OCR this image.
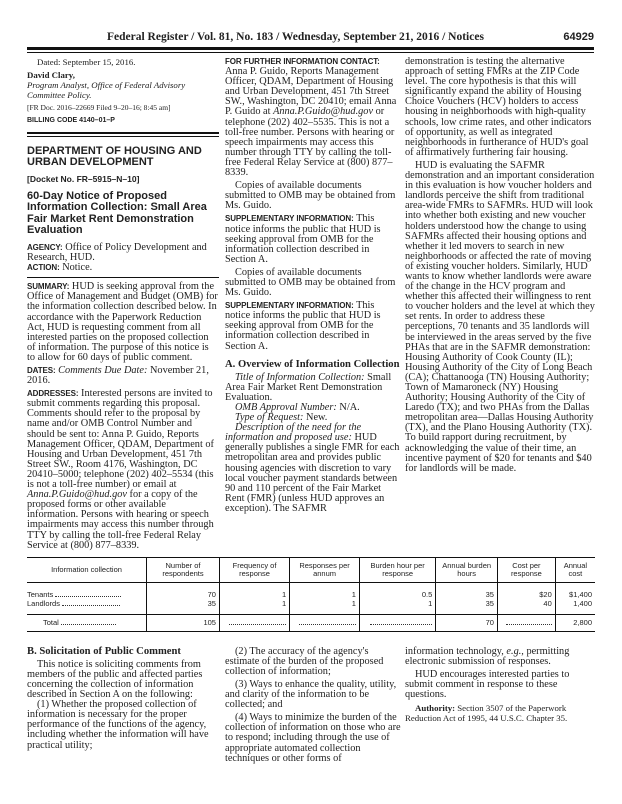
Federal Register / Vol. 81, No. 183 / Wednesday, September 21, 2016 / Notices	64929

Dated: September 15, 2016.

David Clary,

Program Analyst, Office of Federal Advisory Committee Policy.

[FR Doc. 2016–22669 Filed 9–20–16; 8:45 am]

BILLING CODE 4140–01–P

DEPARTMENT OF HOUSING AND URBAN DEVELOPMENT
[Docket No. FR–5915–N–10]
60-Day Notice of Proposed Information Collection: Small Area Fair Market Rent Demonstration Evaluation

AGENCY: Office of Policy Development and Research, HUD.

ACTION: Notice.

SUMMARY: HUD is seeking approval from the Office of Management and Budget (OMB) for the information collection described below. In accordance with the Paperwork Reduction Act, HUD is requesting comment from all interested parties on the proposed collection of information. The purpose of this notice is to allow for 60 days of public comment.

DATES: Comments Due Date: November 21, 2016.

ADDRESSES: Interested persons are invited to submit comments regarding this proposal. Comments should refer to the proposal by name and/or OMB Control Number and should be sent to: Anna P. Guido, Reports Management Officer, QDAM, Department of Housing and Urban Development, 451 7th Street SW., Room 4176, Washington, DC 20410–5000; telephone (202) 402–5534 (this is not a toll-free number) or email at Anna.P.Guido@hud.gov for a copy of the proposed forms or other available information. Persons with hearing or speech impairments may access this number through TTY by calling the toll-free Federal Relay Service at (800) 877–8339.

FOR FURTHER INFORMATION CONTACT:
Anna P. Guido, Reports Management Officer, QDAM, Department of Housing and Urban Development, 451 7th Street SW., Washington, DC 20410; email Anna P. Guido at Anna.P.Guido@hud.gov or telephone (202) 402–5535. This is not a toll-free number. Persons with hearing or speech impairments may access this number through TTY by calling the toll-free Federal Relay Service at (800) 877–8339.

Copies of available documents submitted to OMB may be obtained from Ms. Guido.

SUPPLEMENTARY INFORMATION: This notice informs the public that HUD is seeking approval from OMB for the information collection described in Section A.

Copies of available documents submitted to OMB may be obtained from Ms. Guido.

SUPPLEMENTARY INFORMATION: This notice informs the public that HUD is seeking approval from OMB for the information collection described in Section A.

A. Overview of Information Collection

Title of Information Collection: Small Area Fair Market Rent Demonstration Evaluation.

OMB Approval Number: N/A.

Type of Request: New.

Description of the need for the information and proposed use: HUD generally publishes a single FMR for each metropolitan area and provides public housing agencies with discretion to vary local voucher payment standards between 90 and 110 percent of the Fair Market Rent (FMR) (unless HUD approves an exception). The SAFMR

demonstration is testing the alternative approach of setting FMRs at the ZIP Code level. The core hypothesis is that this will significantly expand the ability of Housing Choice Vouchers (HCV) holders to access housing in neighborhoods with high-quality schools, low crime rates, and other indicators of opportunity, as well as integrated neighborhoods in furtherance of HUD's goal of affirmatively furthering fair housing.

HUD is evaluating the SAFMR demonstration and an important consideration in this evaluation is how voucher holders and landlords perceive the shift from traditional area-wide FMRs to SAFMRs. HUD will look into whether both existing and new voucher holders understood how the change to using SAFMRs affected their housing options and whether it led movers to search in new neighborhoods or affected the rate of moving of existing voucher holders. Similarly, HUD wants to know whether landlords were aware of the change in the HCV program and whether this affected their willingness to rent to voucher holders and the level at which they set rents. In order to address these perceptions, 70 tenants and 35 landlords will be interviewed in the areas served by the five PHAs that are in the SAFMR demonstration: Housing Authority of Cook County (IL); Housing Authority of the City of Long Beach (CA); Chattanooga (TN) Housing Authority; Town of Mamaroneck (NY) Housing Authority; Housing Authority of the City of Laredo (TX); and two PHAs from the Dallas metropolitan area—Dallas Housing Authority (TX), and the Plano Housing Authority (TX). To build rapport during recruitment, by acknowledging the value of their time, an incentive payment of $20 for tenants and $40 for landlords will be made.

Information collection	Number of respondents	Frequency of response	Responses per annum	Burden hour per response	Annual burden hours	Cost per response	Annual cost
Tenants	70	1	1	0.5	35	$20	$1,400
Landlords	35	1	1	1	35	40	1,400
Total	105				70		2,800
B. Solicitation of Public Comment

This notice is soliciting comments from members of the public and affected parties concerning the collection of information described in Section A on the following:

(1) Whether the proposed collection of information is necessary for the proper performance of the functions of the agency, including whether the information will have practical utility;

(2) The accuracy of the agency's estimate of the burden of the proposed collection of information;

(3) Ways to enhance the quality, utility, and clarity of the information to be collected; and

(4) Ways to minimize the burden of the collection of information on those who are to respond; including through the use of appropriate automated collection techniques or other forms of

information technology, e.g., permitting electronic submission of responses.

HUD encourages interested parties to submit comment in response to these questions.

Authority: Section 3507 of the Paperwork Reduction Act of 1995, 44 U.S.C. Chapter 35.
